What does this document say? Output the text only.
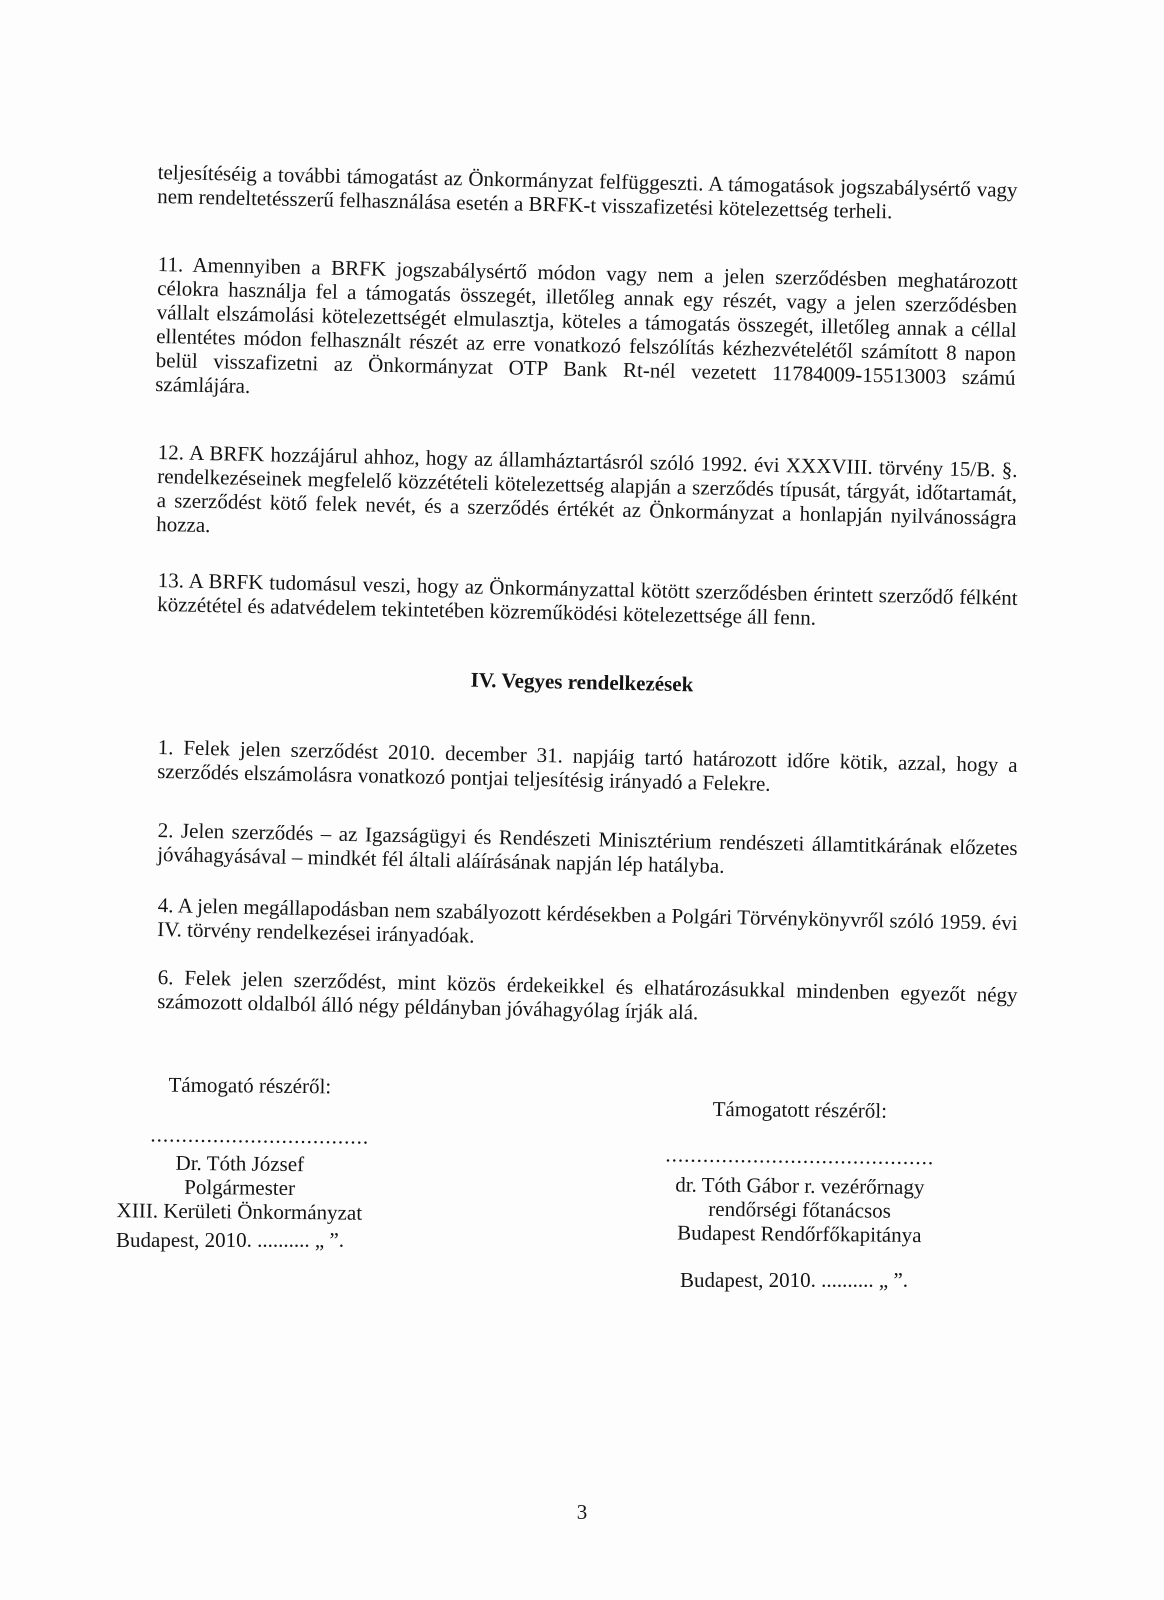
teljesítéséig a további támogatást az Önkormányzat felfüggeszti. A támogatások jogszabálysértő vagy nem rendeltetésszerű felhasználása esetén a BRFK-t visszafizetési kötelezettség terheli.

11. Amennyiben a BRFK jogszabálysértő módon vagy nem a jelen szerződésben meghatározott célokra használja fel a támogatás összegét, illetőleg annak egy részét, vagy a jelen szerződésben vállalt elszámolási kötelezettségét elmulasztja, köteles a támogatás összegét, illetőleg annak a céllal ellentétes módon felhasznált részét az erre vonatkozó felszólítás kézhezvételétől számított 8 napon belül visszafizetni az Önkormányzat OTP Bank Rt-nél vezetett 11784009-15513003 számú számlájára.

12. A BRFK hozzájárul ahhoz, hogy az államháztartásról szóló 1992. évi XXXVIII. törvény 15/B. §. rendelkezéseinek megfelelő közzétételi kötelezettség alapján a szerződés típusát, tárgyát, időtartamát, a szerződést kötő felek nevét, és a szerződés értékét az Önkormányzat a honlapján nyilvánosságra hozza.

13. A BRFK tudomásul veszi, hogy az Önkormányzattal kötött szerződésben érintett szerződő félként közzététel és adatvédelem tekintetében közreműködési kötelezettsége áll fenn.

IV. Vegyes rendelkezések

1. Felek jelen szerződést 2010. december 31. napjáig tartó határozott időre kötik, azzal, hogy a szerződés elszámolásra vonatkozó pontjai teljesítésig irányadó a Felekre.

2. Jelen szerződés – az Igazságügyi és Rendészeti Minisztérium rendészeti államtitkárának előzetes jóváhagyásával – mindkét fél általi aláírásának napján lép hatályba.

4. A jelen megállapodásban nem szabályozott kérdésekben a Polgári Törvénykönyvről szóló 1959. évi IV. törvény rendelkezései irányadóak.

6. Felek jelen szerződést, mint közös érdekeikkel és elhatározásukkal mindenben egyezőt négy számozott oldalból álló négy példányban jóváhagyólag írják alá.

Támogató részéről:
...................................
Dr. Tóth József
Polgármester
XIII. Kerületi Önkormányzat
Budapest, 2010. .......... „ ”.
Támogatott részéről:
...........................................
dr. Tóth Gábor r. vezérőrnagy
rendőrségi főtanácsos
Budapest Rendőrfőkapitánya
Budapest, 2010. .......... „ ”.
3
